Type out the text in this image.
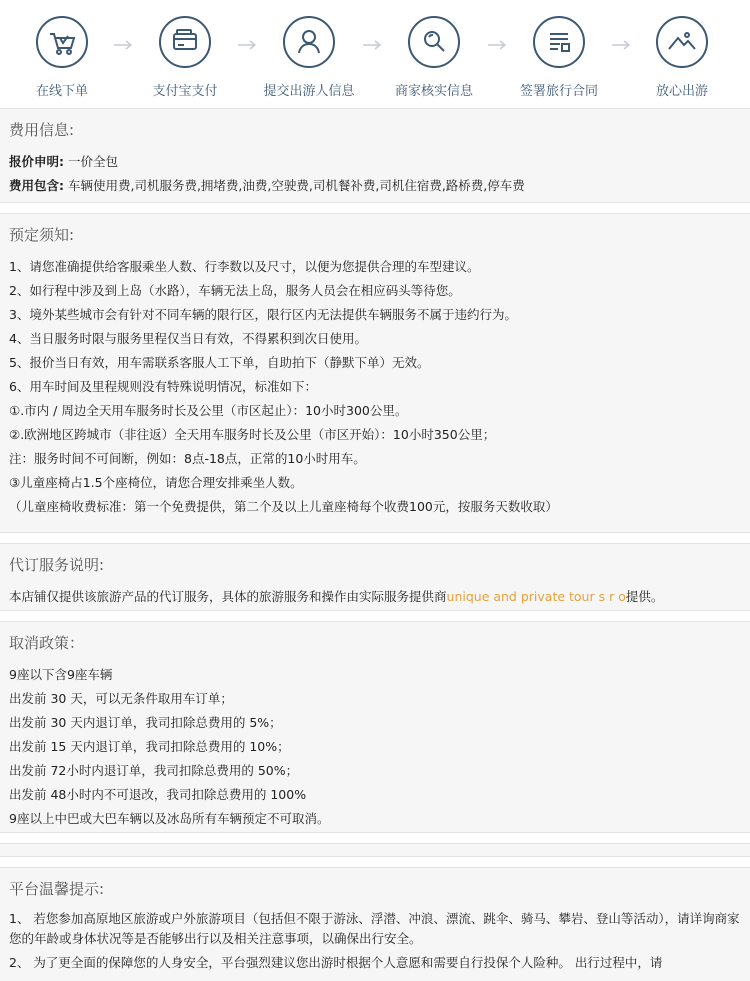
在线下单	支付宝支付	提交出游人信息	商家核实信息	签署旅行合同	放心出游
费用信息:
报价申明: 一价全包
费用包含: 车辆使用费,司机服务费,拥堵费,油费,空驶费,司机餐补费,司机住宿费,路桥费,停车费
预定须知:
1、请您准确提供给客服乘坐人数、行李数以及尺寸，以便为您提供合理的车型建议。
2、如行程中涉及到上岛（水路），车辆无法上岛，服务人员会在相应码头等待您。
3、境外某些城市会有针对不同车辆的限行区，限行区内无法提供车辆服务不属于违约行为。
4、当日服务时限与服务里程仅当日有效，不得累积到次日使用。
5、报价当日有效，用车需联系客服人工下单，自助拍下（静默下单）无效。
6、用车时间及里程规则没有特殊说明情况，标准如下：
①.市内 / 周边全天用车服务时长及公里（市区起止）：10小时300公里。
②.欧洲地区跨城市（非往返）全天用车服务时长及公里（市区开始）：10小时350公里；
注：服务时间不可间断，例如：8点-18点，正常的10小时用车。
③儿童座椅占1.5个座椅位，请您合理安排乘坐人数。
（儿童座椅收费标准：第一个免费提供，第二个及以上儿童座椅每个收费100元，按服务天数收取）
代订服务说明:
本店铺仅提供该旅游产品的代订服务，具体的旅游服务和操作由实际服务提供商unique and private tour s r o提供。
取消政策：
9座以下含9座车辆
出发前 30 天，可以无条件取用车订单；
出发前 30 天内退订单，我司扣除总费用的 5%；
出发前 15 天内退订单，我司扣除总费用的 10%；
出发前 72小时内退订单，我司扣除总费用的 50%；
出发前 48小时内不可退改，我司扣除总费用的 100%
9座以上中巴或大巴车辆以及冰岛所有车辆预定不可取消。
平台温馨提示:
1、 若您参加高原地区旅游或户外旅游项目（包括但不限于游泳、浮潜、冲浪、漂流、跳伞、骑马、攀岩、登山等活动），请详询商家您的年龄或身体状况等是否能够出行以及相关注意事项，以确保出行安全。
2、 为了更全面的保障您的人身安全，平台强烈建议您出游时根据个人意愿和需要自行投保个人险种。 出行过程中，请
